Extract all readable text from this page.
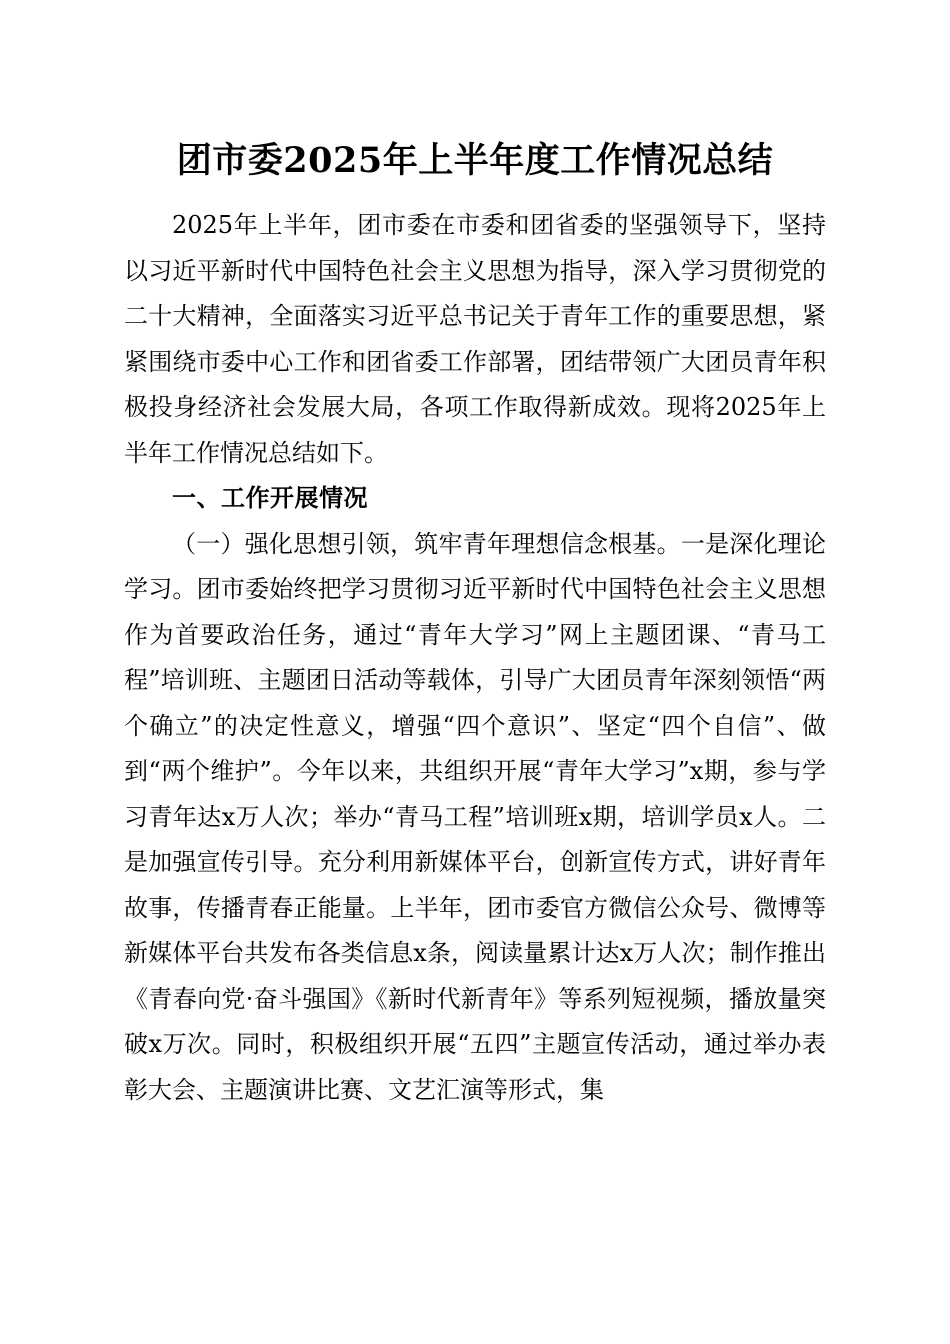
团市委2025年上半年度工作情况总结

2025年上半年，团市委在市委和团省委的坚强领导下，坚持以习近平新时代中国特色社会主义思想为指导，深入学习贯彻党的二十大精神，全面落实习近平总书记关于青年工作的重要思想，紧紧围绕市委中心工作和团省委工作部署，团结带领广大团员青年积极投身经济社会发展大局，各项工作取得新成效。现将2025年上半年工作情况总结如下。

一、工作开展情况

（一）强化思想引领，筑牢青年理想信念根基。一是深化理论学习。团市委始终把学习贯彻习近平新时代中国特色社会主义思想作为首要政治任务，通过“青年大学习”网上主题团课、“青马工程”培训班、主题团日活动等载体，引导广大团员青年深刻领悟“两个确立”的决定性意义，增强“四个意识”、坚定“四个自信”、做到“两个维护”。今年以来，共组织开展“青年大学习”x期，参与学习青年达x万人次；举办“青马工程”培训班x期，培训学员x人。二是加强宣传引导。充分利用新媒体平台，创新宣传方式，讲好青年故事，传播青春正能量。上半年，团市委官方微信公众号、微博等新媒体平台共发布各类信息x条，阅读量累计达x万人次；制作推出《青春向党·奋斗强国》《新时代新青年》等系列短视频，播放量突破x万次。同时，积极组织开展“五四”主题宣传活动，通过举办表彰大会、主题演讲比赛、文艺汇演等形式，集
